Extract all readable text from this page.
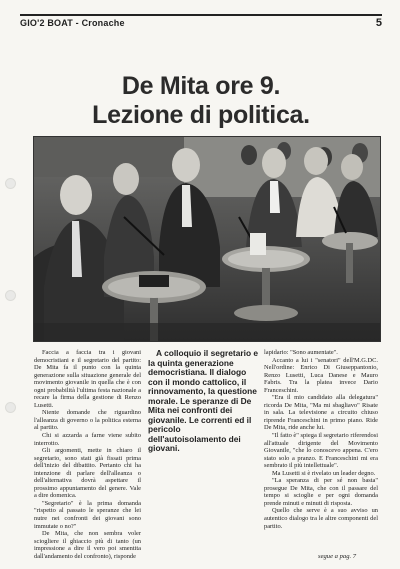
GIO'2 BOAT - Cronache	5
De Mita ore 9.
Lezione di politica.

Faccia a faccia tra i giovani democristiani e il segretario del partito: De Mita fa il punto con la quinta generazione sulla situazione generale del movimento giovanile in quella che è con ogni probabilità l'ultima festa nazionale a recare la firma della gestione di Renzo Lusetti.

Niente domande che riguardino l'alleanza di governo o la politica esterna al partito.

Chi si azzarda a farne viene subito interrotto.

Gli argomenti, mette in chiaro il segretario, sono stati già fissati prima dell'inizio del dibattito. Pertanto chi ha intenzione di parlare dell'alleanza o dell'alternativa dovrà aspettare il prossimo appuntamento del genere. Vale a dire domenica.

"Segretario" è la prima domanda "rispetto al passato le speranze che lei nutre nei confronti dei giovani sono immutate o no?"

De Mita, che non sembra voler sciogliere il ghiaccio più di tanto (un impressione a dire il vero poi smentita dall'andamento del confronto), risponde

A colloquio il segretario e la quinta generazione democristiana. Il dialogo con il mondo cattolico, il rinnovamento, la questione morale. Le speranze di De Mita nei confronti dei giovanile. Le correnti ed il pericolo dell'autoisolamento dei giovani.

lapidario: "Sono aumentate".

Accanto a lui i "senatori" dell'M.G.DC. Nell'ordine: Enrico Di Giuseppantonio, Renzo Lusetti, Luca Danese e Mauro Fabris. Tra la platea invece Dario Franceschini.

"Era il mio candidato alla delegatura" ricorda De Mita, "Ma mi sbagliavo" Risate in sala. La televisione a circuito chiuso riprende Franceschini in primo piano. Ride De Mita, ride anche lui.

"Il fatto è" spiega il segretario riferendosi all'attuale dirigente del Movimento Giovanile, "che lo conoscevo appena. C'ero stato solo a pranzo. E Franceschini mi era sembrato il più intellettuale".

Ma Lusetti si è rivelato un leader degno.

"La speranza di per sé non basta" prosegue De Mita, che con il passare del tempo si scioglie e per ogni domanda prende minuti e minuti di risposta.

Quello che serve è a suo avviso un autentico dialogo tra le altre componenti del partito.

segue a pag. 7
